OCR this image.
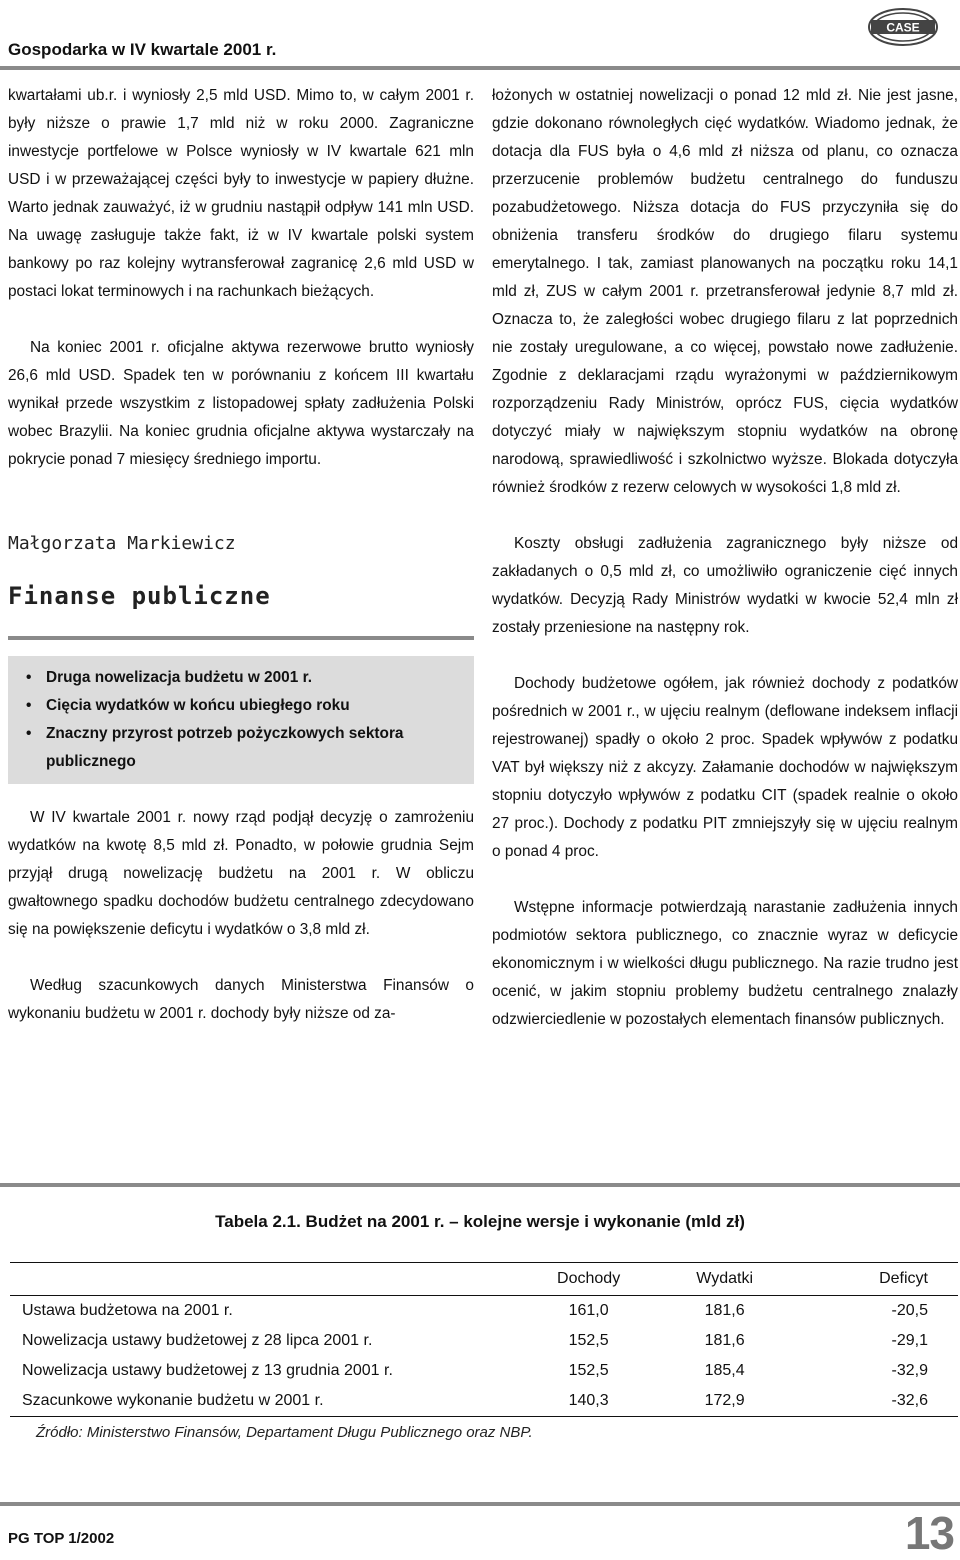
Gospodarka w IV kwartale 2001 r.
CASE

kwartałami ub.r. i wyniosły 2,5 mld USD. Mimo to, w całym 2001 r. były niższe o prawie 1,7 mld niż w roku 2000. Zagraniczne inwestycje portfelowe w Polsce wyniosły w IV kwartale 621 mln USD i w przeważającej części były to inwestycje w papiery dłużne. Warto jednak zauważyć, iż w grudniu nastąpił odpływ 141 mln USD. Na uwagę zasługuje także fakt, iż w IV kwartale polski system bankowy po raz kolejny wytransferował zagranicę 2,6 mld USD w postaci lokat terminowych i na rachunkach bieżących.

Na koniec 2001 r. oficjalne aktywa rezerwowe brutto wyniosły 26,6 mld USD. Spadek ten w porównaniu z końcem III kwartału wynikał przede wszystkim z listopadowej spłaty zadłużenia Polski wobec Brazylii. Na koniec grudnia oficjalne aktywa wystarczały na pokrycie ponad 7 miesięcy średniego importu.

Małgorzata Markiewicz

Finanse publiczne

• Druga nowelizacja budżetu w 2001 r.
• Cięcia wydatków w końcu ubiegłego roku
• Znaczny przyrost potrzeb pożyczkowych sektora publicznego

W IV kwartale 2001 r. nowy rząd podjął decyzję o zamrożeniu wydatków na kwotę 8,5 mld zł. Ponadto, w połowie grudnia Sejm przyjął drugą nowelizację budżetu na 2001 r. W obliczu gwałtownego spadku dochodów budżetu centralnego zdecydowano się na powiększenie deficytu i wydatków o 3,8 mld zł.

Według szacunkowych danych Ministerstwa Finansów o wykonaniu budżetu w 2001 r. dochody były niższe od za-

łożonych w ostatniej nowelizacji o ponad 12 mld zł. Nie jest jasne, gdzie dokonano równoległych cięć wydatków. Wiadomo jednak, że dotacja dla FUS była o 4,6 mld zł niższa od planu, co oznacza przerzucenie problemów budżetu centralnego do funduszu pozabudżetowego. Niższa dotacja do FUS przyczyniła się do obniżenia transferu środków do drugiego filaru systemu emerytalnego. I tak, zamiast planowanych na początku roku 14,1 mld zł, ZUS w całym 2001 r. przetransferował jedynie 8,7 mld zł. Oznacza to, że zaległości wobec drugiego filaru z lat poprzednich nie zostały uregulowane, a co więcej, powstało nowe zadłużenie. Zgodnie z deklaracjami rządu wyrażonymi w październikowym rozporządzeniu Rady Ministrów, oprócz FUS, cięcia wydatków dotyczyć miały w największym stopniu wydatków na obronę narodową, sprawiedliwość i szkolnictwo wyższe. Blokada dotyczyła również środków z rezerw celowych w wysokości 1,8 mld zł.

Koszty obsługi zadłużenia zagranicznego były niższe od zakładanych o 0,5 mld zł, co umożliwiło ograniczenie cięć innych wydatków. Decyzją Rady Ministrów wydatki w kwocie 52,4 mln zł zostały przeniesione na następny rok.

Dochody budżetowe ogółem, jak również dochody z podatków pośrednich w 2001 r., w ujęciu realnym (deflowane indeksem inflacji rejestrowanej) spadły o około 2 proc. Spadek wpływów z podatku VAT był większy niż z akcyzy. Załamanie dochodów w największym stopniu dotyczyło wpływów z podatku CIT (spadek realnie o około 27 proc.). Dochody z podatku PIT zmniejszyły się w ujęciu realnym o ponad 4 proc.

Wstępne informacje potwierdzają narastanie zadłużenia innych podmiotów sektora publicznego, co znacznie wyraz w deficycie ekonomicznym i w wielkości długu publicznego. Na razie trudno jest ocenić, w jakim stopniu problemy budżetu centralnego znalazły odzwierciedlenie w pozostałych elementach finansów publicznych.

Tabela 2.1. Budżet na 2001 r. – kolejne wersje i wykonanie (mld zł)
	Dochody	Wydatki	Deficyt
Ustawa budżetowa na 2001 r.	161,0	181,6	-20,5
Nowelizacja ustawy budżetowej z 28 lipca 2001 r.	152,5	181,6	-29,1
Nowelizacja ustawy budżetowej z 13 grudnia 2001 r.	152,5	185,4	-32,9
Szacunkowe wykonanie budżetu w 2001 r.	140,3	172,9	-32,6
Źródło: Ministerstwo Finansów, Departament Długu Publicznego oraz NBP.
PG TOP 1/2002	13
